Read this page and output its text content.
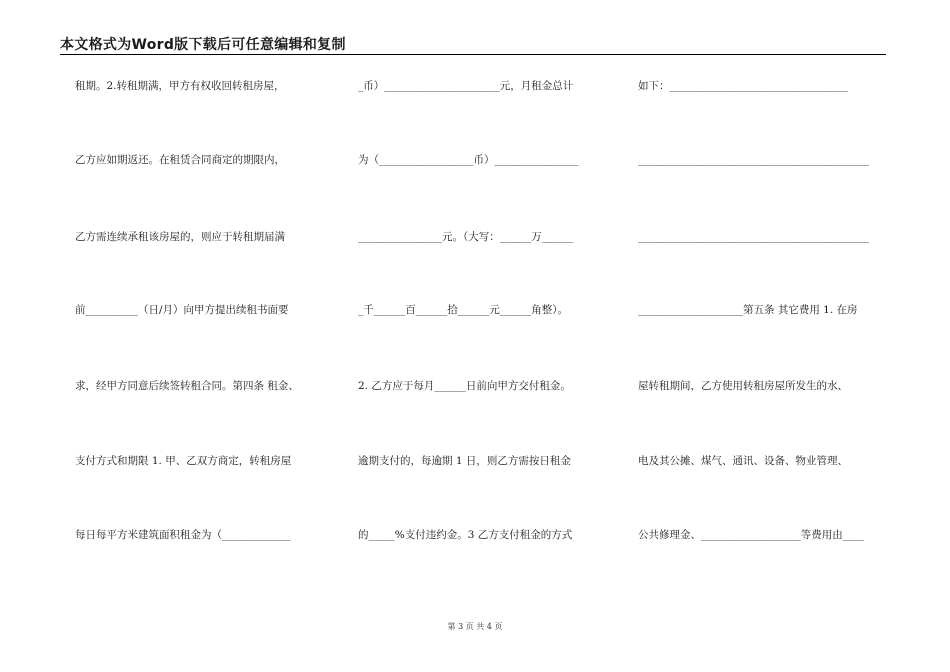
本文格式为Word版下载后可任意编辑和复制
租期。2.转租期满，甲方有权收回转租房屋，
乙方应如期返还。在租赁合同商定的期限内，
乙方需连续承租该房屋的，则应于转租期届满
前__________（日/月）向甲方提出续租书面要
求，经甲方同意后续签转租合同。第四条 租金、
支付方式和期限 1. 甲、乙双方商定，转租房屋
每日每平方米建筑面积租金为（_____________
_币）______________________元，月租金总计
为（__________________币）________________
________________元。（大写：______万______
_千______百______拾______元______角整）。
2. 乙方应于每月______日前向甲方交付租金。
逾期支付的，每逾期 1 日，则乙方需按日租金
的_____%支付违约金。3 乙方支付租金的方式
如下：__________________________________
____________________________________________
____________________________________________
____________________第五条 其它费用 1. 在房
屋转租期间，乙方使用转租房屋所发生的水、
电及其公摊、煤气、通讯、设备、物业管理、
公共修理金、___________________等费用由____
第 3 页 共 4 页
